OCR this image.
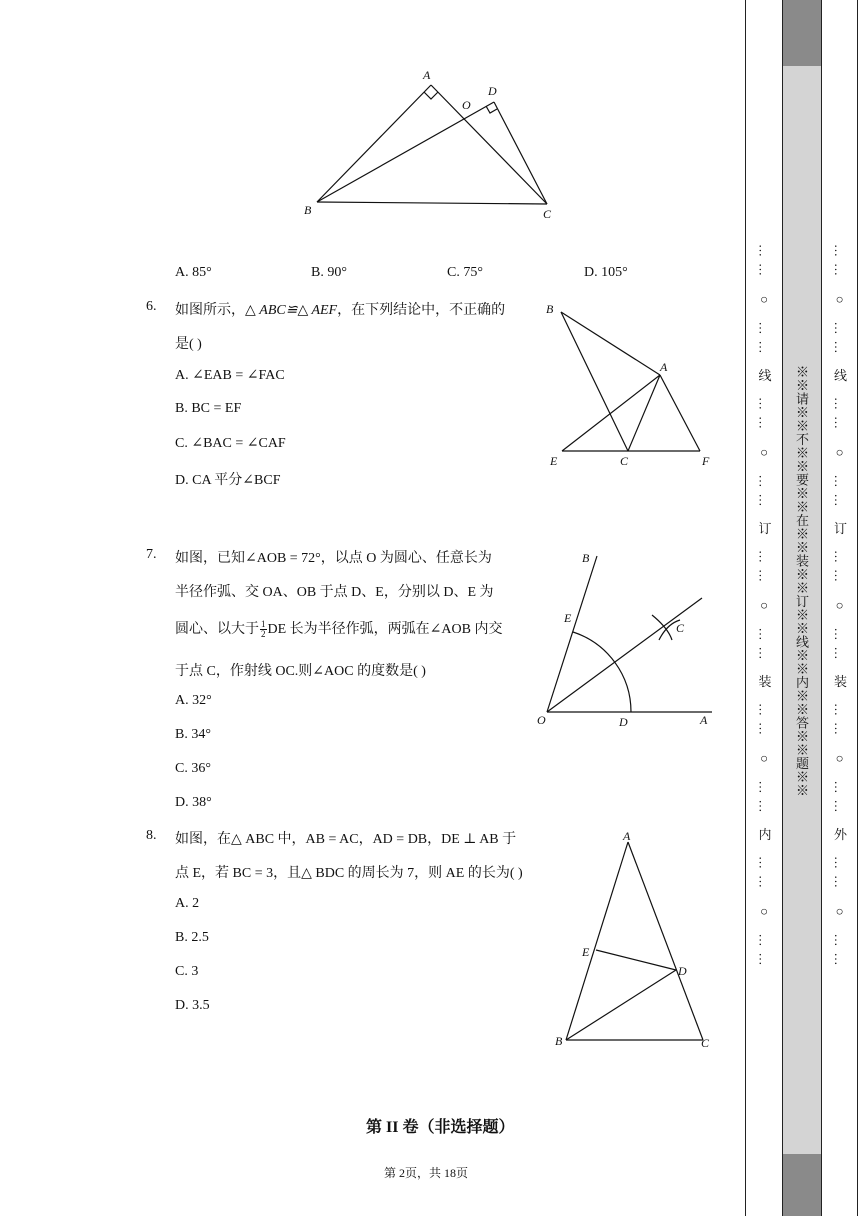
A
D
O
B	C
A. 85°	B. 90°	C. 75°	D. 105°
6. 如图所示，△ ABC≌△ AEF，在下列结论中，不正确的
是( )
A. ∠EAB = ∠FAC
B. BC = EF
C. ∠BAC = ∠CAF
D. CA 平分∠BCF
B
A
E	C	F
7. 如图，已知∠AOB = 72°，以点 O 为圆心、任意长为
半径作弧、交 OA、OB 于点 D、E，分别以 D、E 为
圆心、以大于 $\frac{1}{2}$ DE 长为半径作弧，两弧在∠AOB 内交
于点 C，作射线 OC.则∠AOC 的度数是( )
A. 32°
B. 34°
C. 36°
D. 38°
B
E
C
O	D	A
8. 如图，在△ ABC 中，AB = AC，AD = DB，DE ⊥ AB 于
点 E，若 BC = 3，且△ BDC 的周长为 7，则 AE 的长为( )
A. 2
B. 2.5
C. 3
D. 3.5
A
E
D
B	C
第 II 卷（非选择题）
第 2页，共 18页
…… ○ …… 线 …… ○ …… 订 …… ○ …… 装 …… ○ …… 内 …… ○ …… ※※请※※不※※要※※在※※装※※订※※线※※内※※答※※题※※ …… ○ …… 线 …… ○ …… 订 …… ○ …… 装 …… ○ …… 外 …… ○ ……
